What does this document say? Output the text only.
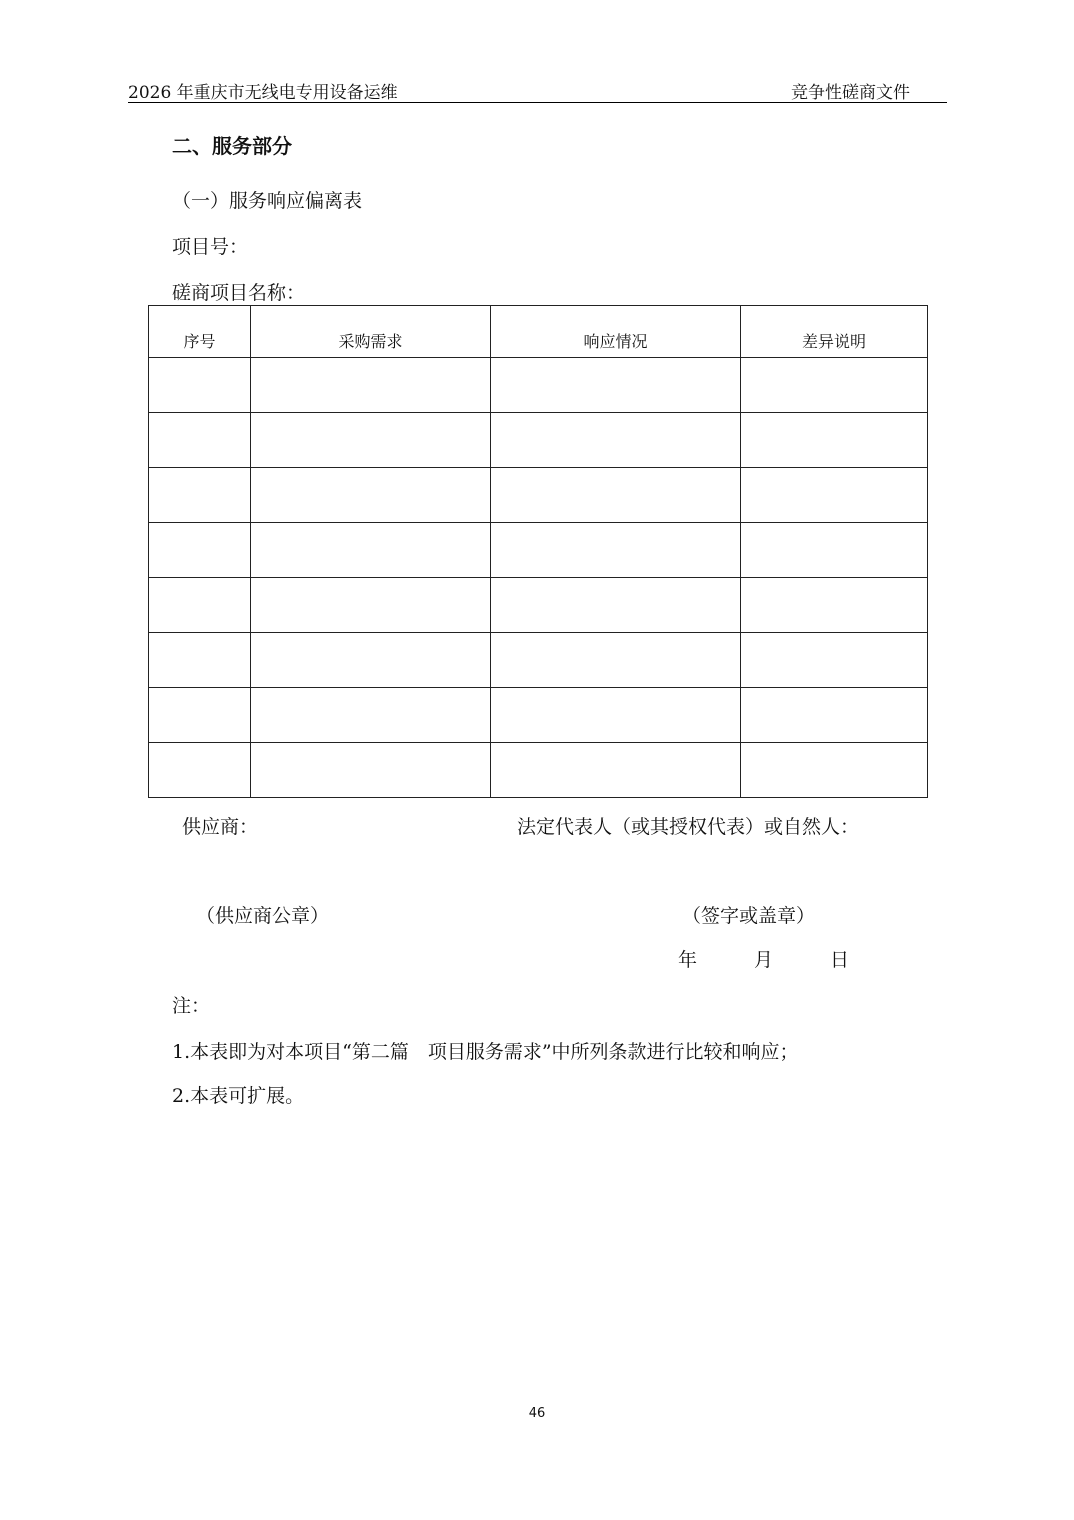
2026 年重庆市无线电专用设备运维	竞争性磋商文件
二、服务部分
（一）服务响应偏离表
项目号：
磋商项目名称：
序号	采购需求	响应情况	差异说明

供应商：	法定代表人（或其授权代表）或自然人：
（供应商公章）	（签字或盖章）
年	月	日
注：
1.本表即为对本项目“第二篇　项目服务需求”中所列条款进行比较和响应；
2.本表可扩展。
46
